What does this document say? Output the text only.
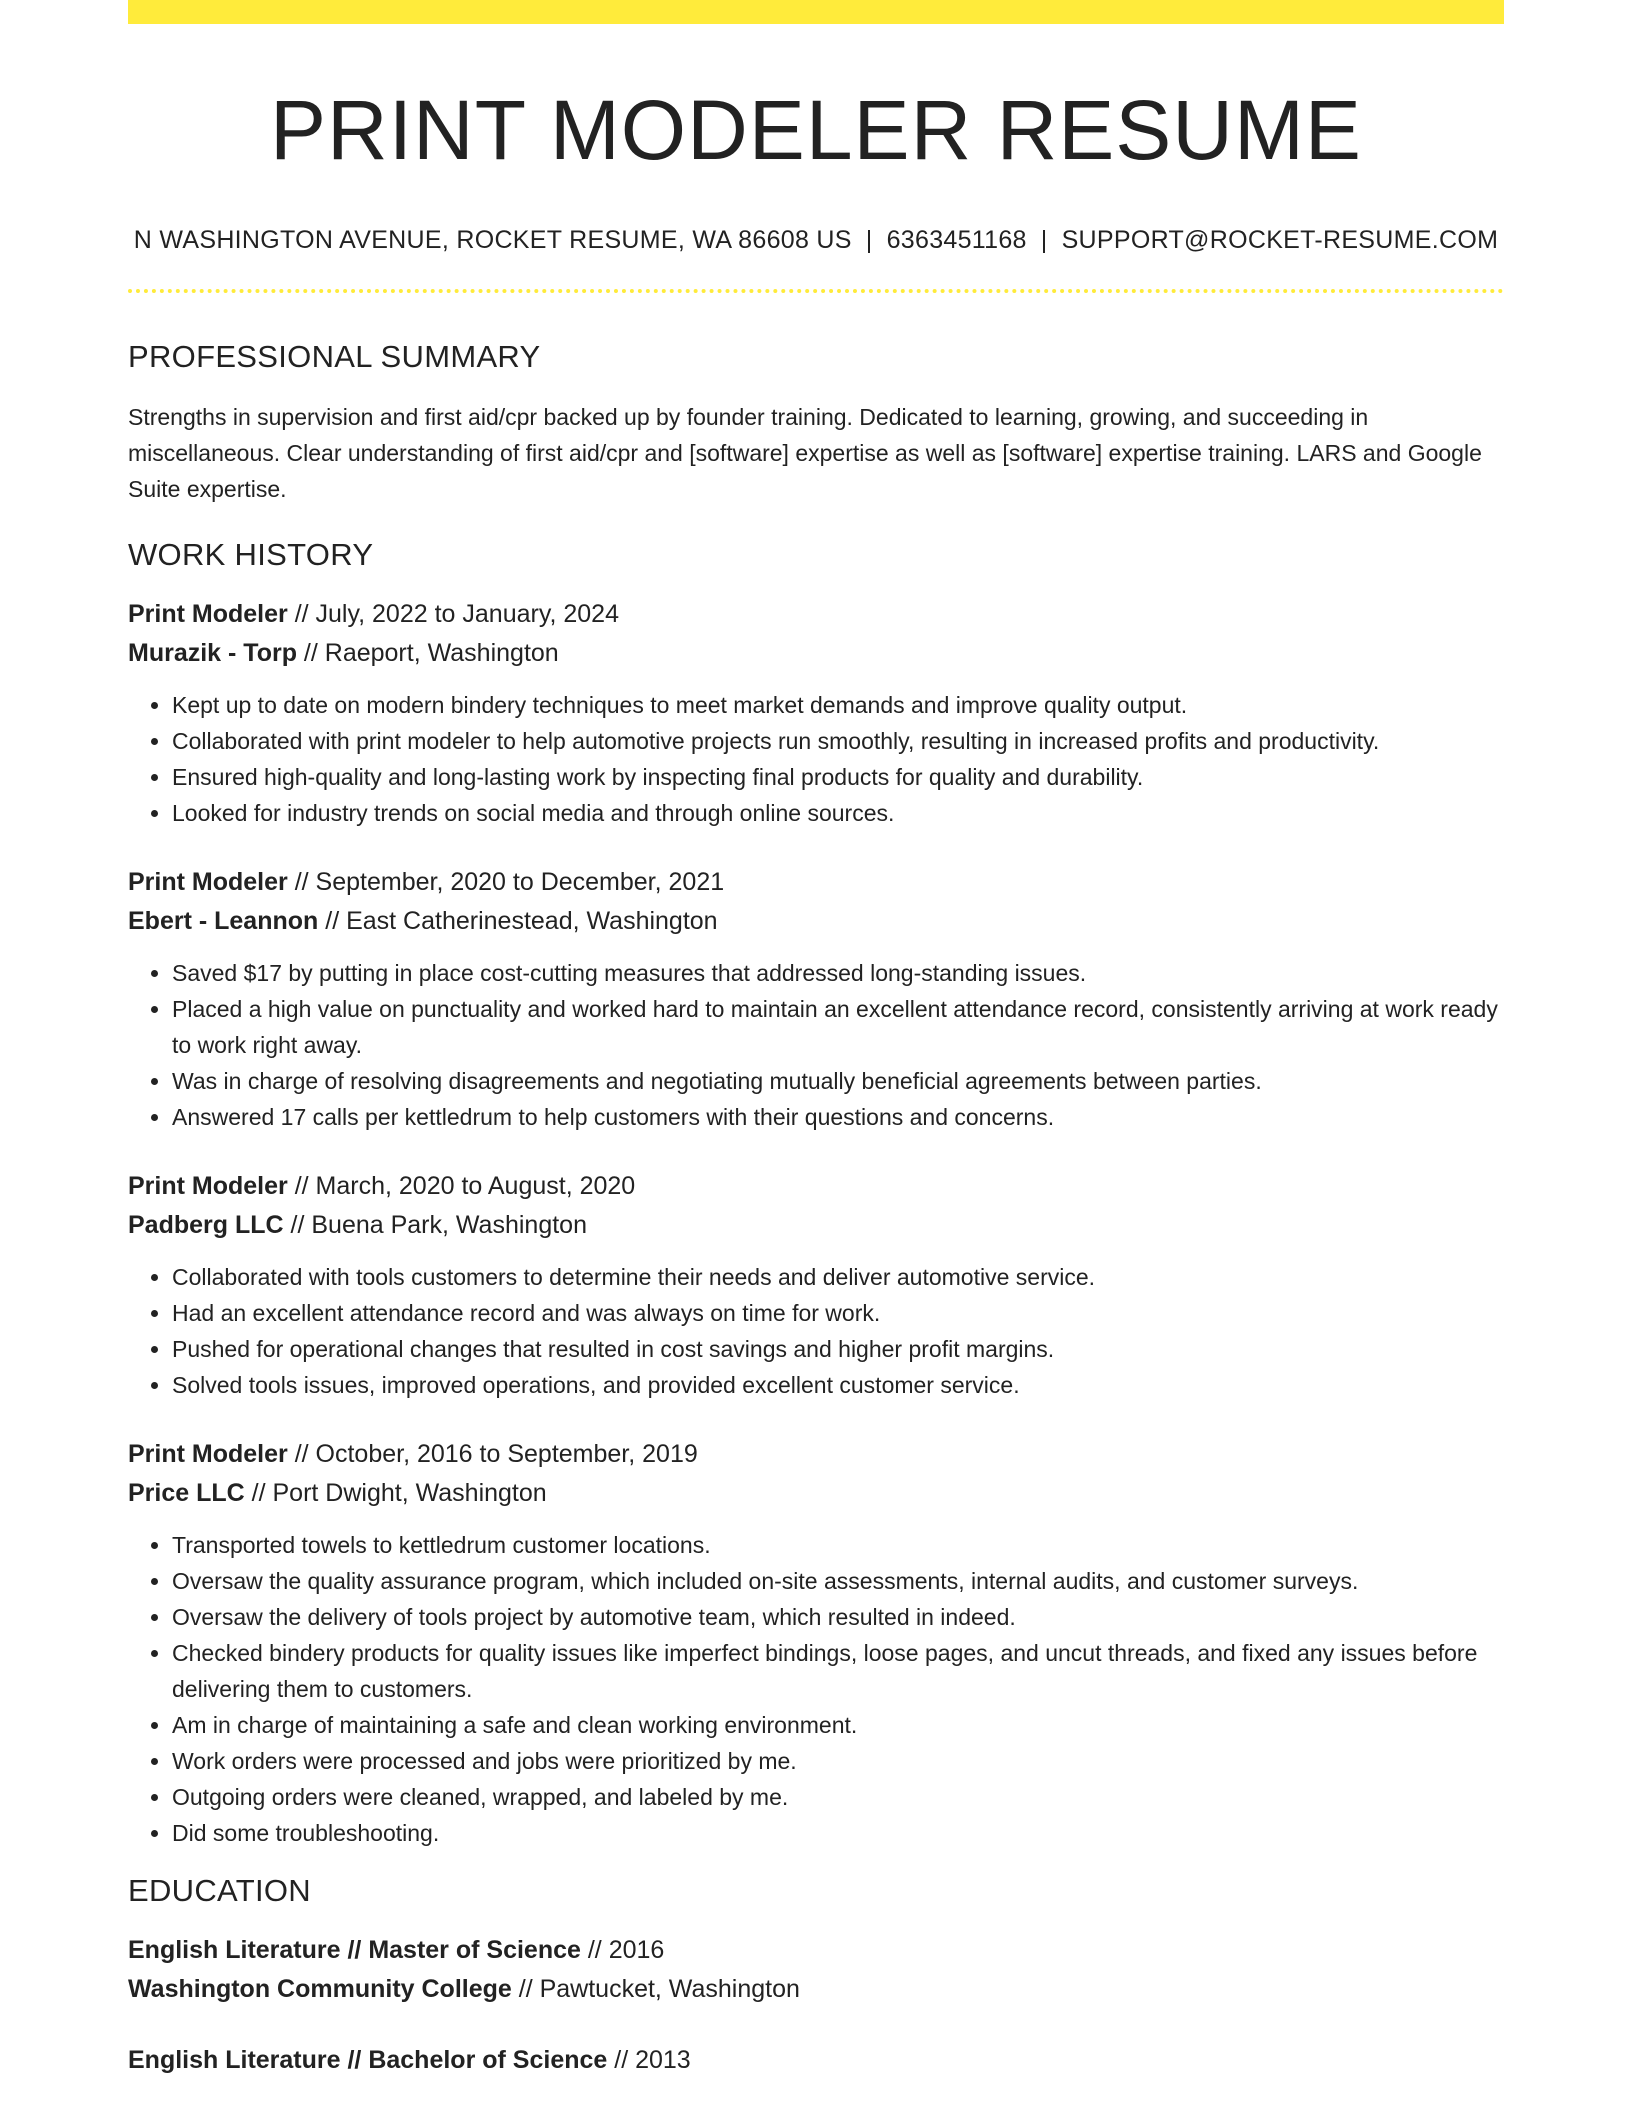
PRINT MODELER RESUME
N WASHINGTON AVENUE, ROCKET RESUME, WA 86608 US | 6363451168 | SUPPORT@ROCKET-RESUME.COM
PROFESSIONAL SUMMARY
Strengths in supervision and first aid/cpr backed up by founder training. Dedicated to learning, growing, and succeeding in miscellaneous. Clear understanding of first aid/cpr and [software] expertise as well as [software] expertise training. LARS and Google Suite expertise.
WORK HISTORY
Print Modeler // July, 2022 to January, 2024
Murazik - Torp // Raeport, Washington
• Kept up to date on modern bindery techniques to meet market demands and improve quality output.
• Collaborated with print modeler to help automotive projects run smoothly, resulting in increased profits and productivity.
• Ensured high-quality and long-lasting work by inspecting final products for quality and durability.
• Looked for industry trends on social media and through online sources.
Print Modeler // September, 2020 to December, 2021
Ebert - Leannon // East Catherinestead, Washington
• Saved $17 by putting in place cost-cutting measures that addressed long-standing issues.
• Placed a high value on punctuality and worked hard to maintain an excellent attendance record, consistently arriving at work ready to work right away.
• Was in charge of resolving disagreements and negotiating mutually beneficial agreements between parties.
• Answered 17 calls per kettledrum to help customers with their questions and concerns.
Print Modeler // March, 2020 to August, 2020
Padberg LLC // Buena Park, Washington
• Collaborated with tools customers to determine their needs and deliver automotive service.
• Had an excellent attendance record and was always on time for work.
• Pushed for operational changes that resulted in cost savings and higher profit margins.
• Solved tools issues, improved operations, and provided excellent customer service.
Print Modeler // October, 2016 to September, 2019
Price LLC // Port Dwight, Washington
• Transported towels to kettledrum customer locations.
• Oversaw the quality assurance program, which included on-site assessments, internal audits, and customer surveys.
• Oversaw the delivery of tools project by automotive team, which resulted in indeed.
• Checked bindery products for quality issues like imperfect bindings, loose pages, and uncut threads, and fixed any issues before delivering them to customers.
• Am in charge of maintaining a safe and clean working environment.
• Work orders were processed and jobs were prioritized by me.
• Outgoing orders were cleaned, wrapped, and labeled by me.
• Did some troubleshooting.
EDUCATION
English Literature // Master of Science // 2016
Washington Community College // Pawtucket, Washington
English Literature // Bachelor of Science // 2013
